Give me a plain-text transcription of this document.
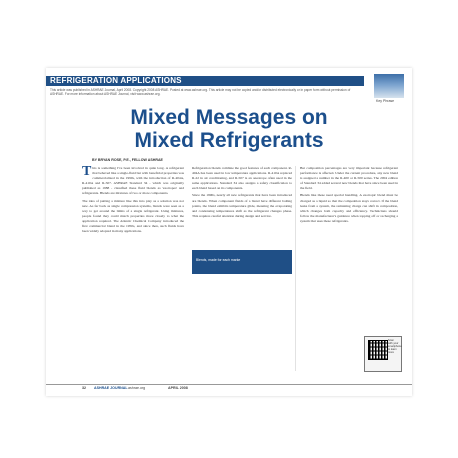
REFRIGERATION APPLICATIONS
This article was published in ASHRAE Journal, April 2008. Copyright 2008 ASHRAE. Posted at www.ashrae.org. This article may not be copied and/or distributed electronically or in paper form without permission of ASHRAE. For more information about ASHRAE Journal, visit www.ashrae.org.
Key Phrase
Mixed Messages on
Mixed Refrigerants
BY BRYAN ROSE, P.E., FELLOW ASHRAE

This is something I've been involved in quite long. A refrigerant that behaved like a single-fluid but with beneficial properties was commercialized in the 1990s, with the introduction of R-404A, R-410A and R-507. ASHRAE Standard 34 - which was originally published as 1988 - classified these fluid blends as 'zeotropes' and refrigerants. Blends are mixtures of two or more components.

The idea of putting a mixture like this into play as a solution was not new. As far back as single compression systems, blends were seen as a way to get around the limits of a single refrigerant. Using mixtures, people found they could match properties more closely to what the application required. The Atlantic Chemical Company introduced the first commercial blend in the 1950s, and since then, such fluids have been widely adopted in many applications.

Refrigeration blends combine the good features of each component. R-404A has been used in low temperature applications. R-410A replaced R-22 in air conditioning, and R-507 is an azeotrope often used in the same applications. Standard 34 also assigns a safety classification to each blend based on its components.

Since the 1990s, nearly all new refrigerants that have been introduced are blends. When component fluids of a blend have different boiling points, the blend exhibits temperature glide, meaning the evaporating and condensing temperatures shift as the refrigerant changes phase. This requires careful attention during design and service.

Blends, made for each marke

But composition percentages are very important because refrigerant performance is affected. Under the current procedure, any new blend is assigned a number in the R-400 or R-500 series. The 2004 edition of Standard 34 added several new blends that have since been used in the field.

Blends like these need special handling. A zeotropic blend must be charged as a liquid so that the composition stays correct. If the blend leaks from a system, the remaining charge can shift in composition, which changes both capacity and efficiency. Technicians should follow the manufacturer's guidance when topping off or recharging a system that uses these refrigerants.

Scan with your smartphone to learn more
32 ASHRAE JOURNAL ashrae.org	APRIL 2008
